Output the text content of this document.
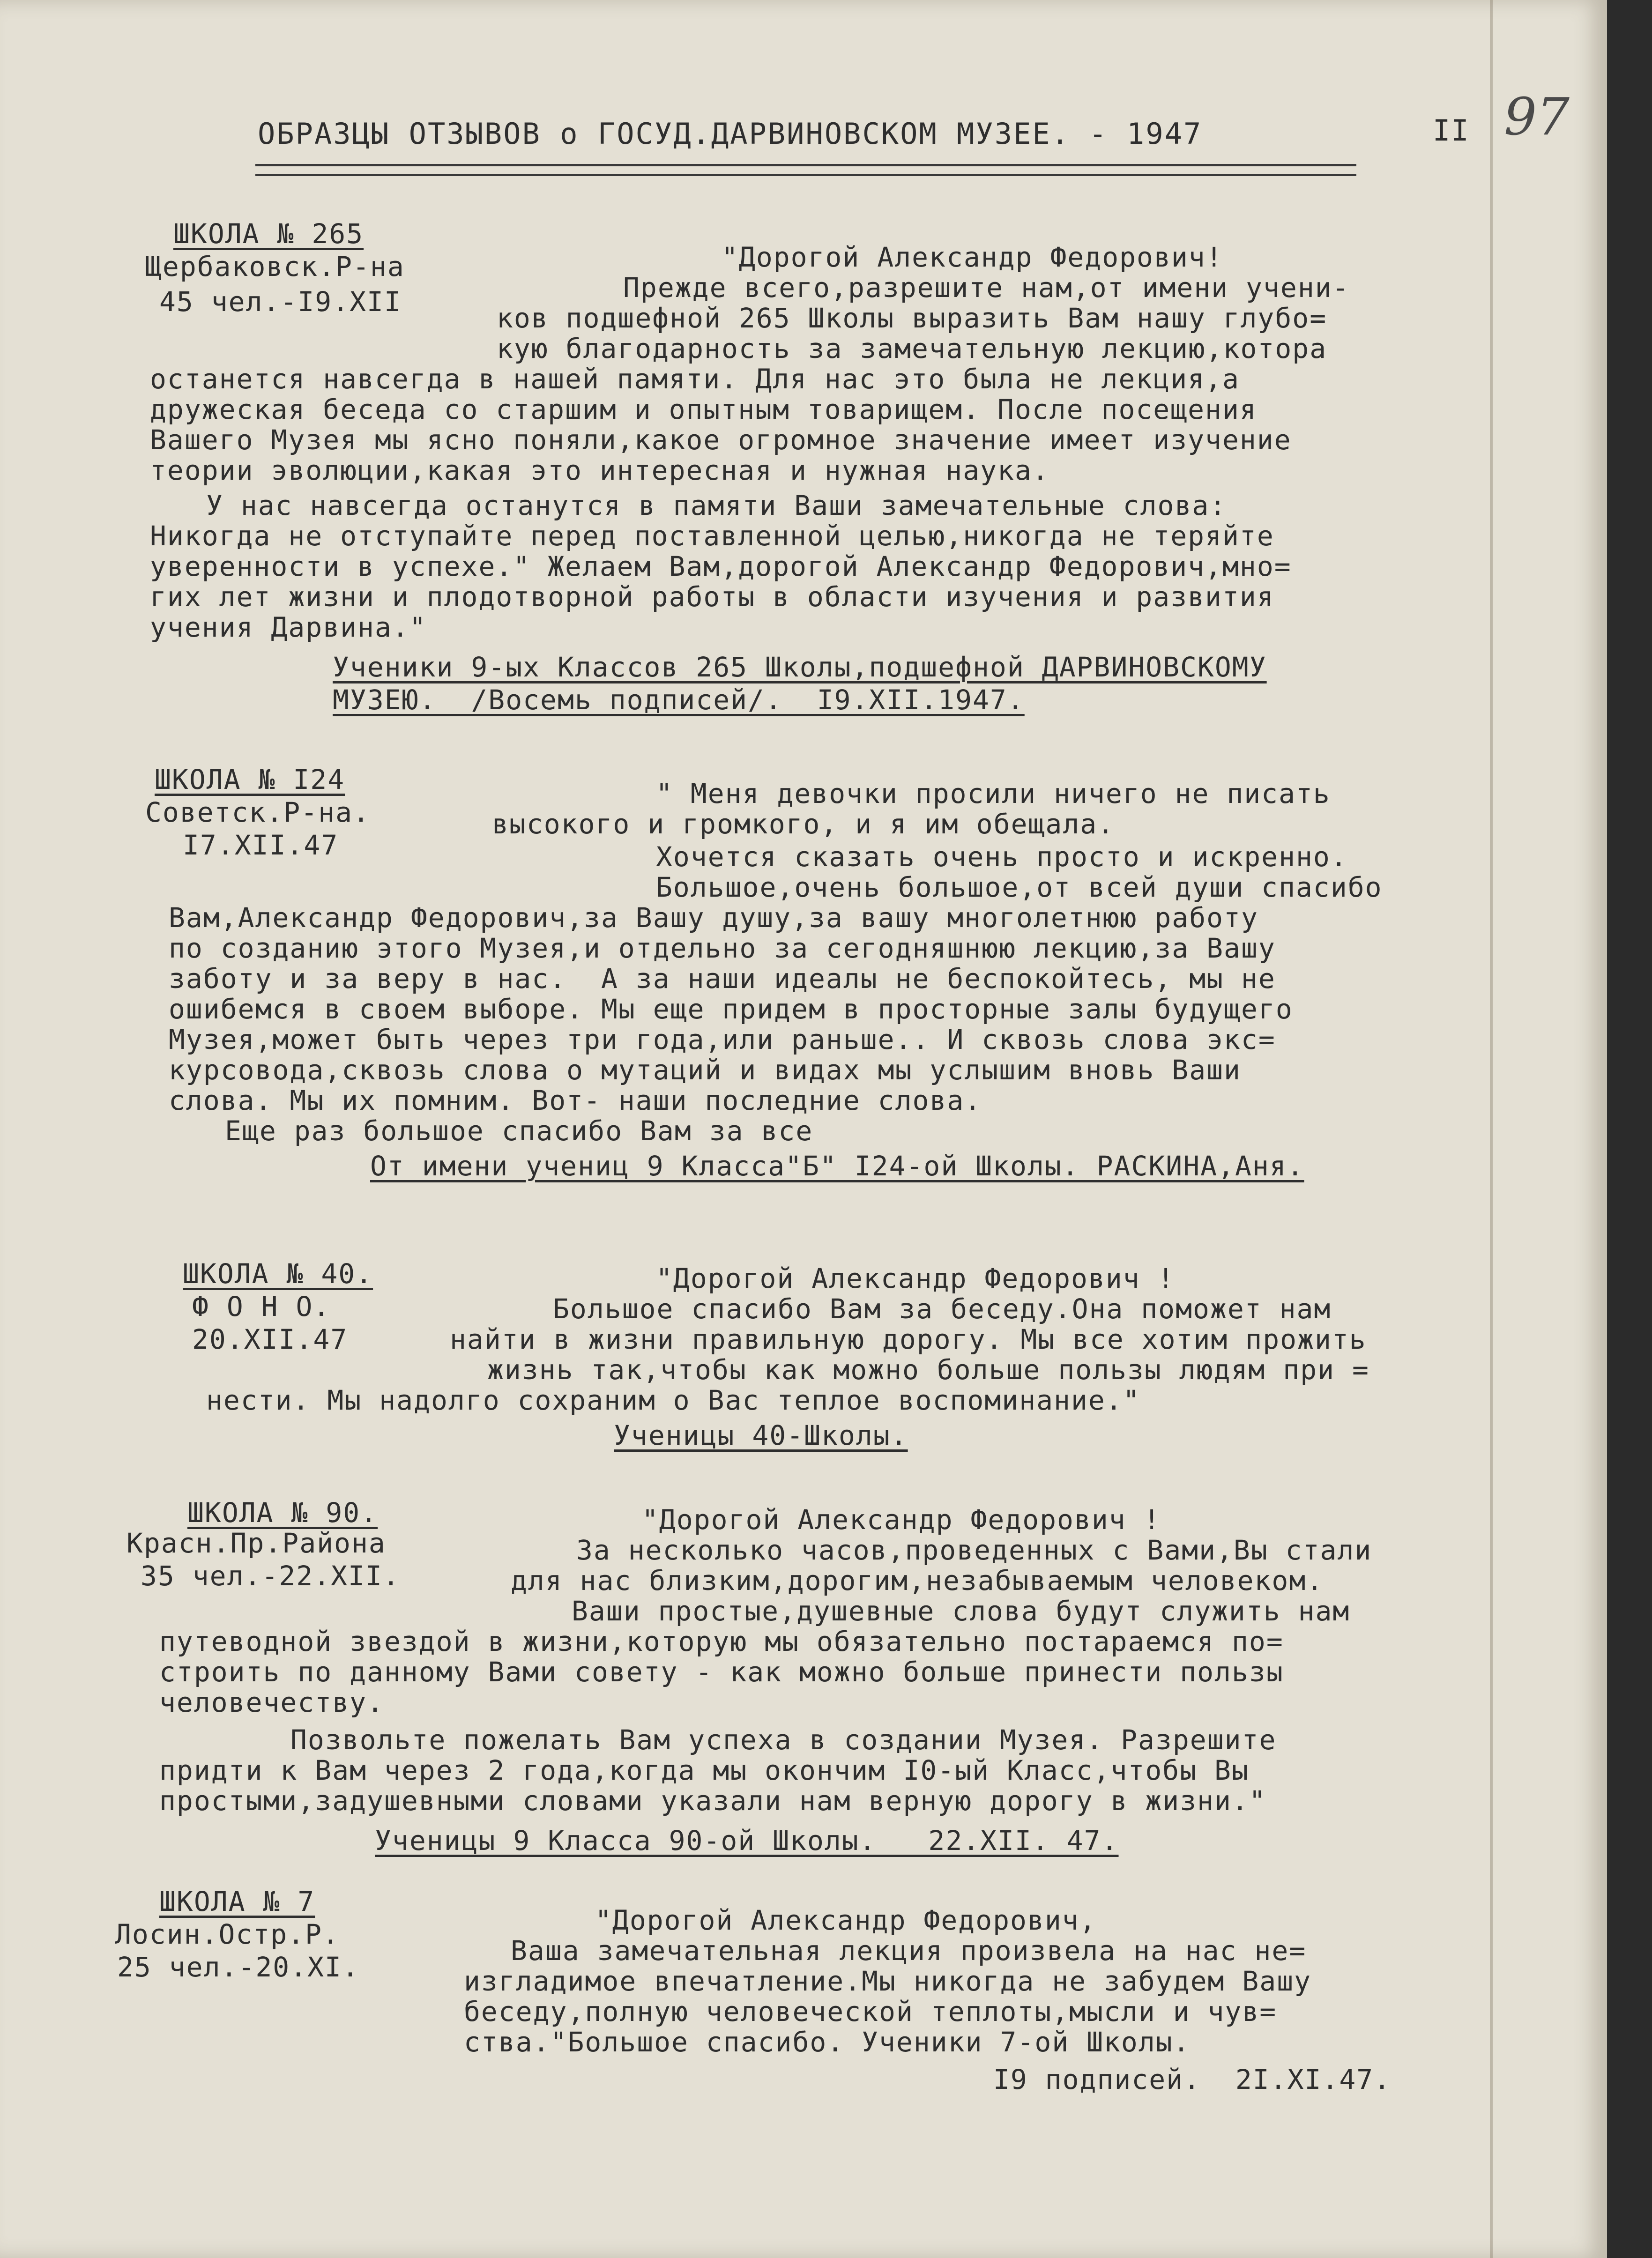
ОБРАЗЦЫ ОТЗЫВОВ о ГОСУД.ДАРВИНОВСКОМ МУЗЕЕ. - 1947	II 97
ШКОЛА № 265
Щербаковск.Р-на
45 чел.-I9.XII
"Дорогой Александр Федорович!
Прежде всего,разрешите нам,от имени учени-
ков подшефной 265 Школы выразить Вам нашу глубо=
кую благодарность за замечательную лекцию,котора
останется навсегда в нашей памяти. Для нас это была не лекция,а
дружеская беседа со старшим и опытным товарищем. После посещения
Вашего Музея мы ясно поняли,какое огромное значение имеет изучение
теории эволюции,какая это интересная и нужная наука.
У нас навсегда останутся в памяти Ваши замечательные слова:
Никогда не отступайте перед поставленной целью,никогда не теряйте
уверенности в успехе." Желаем Вам,дорогой Александр Федорович,мно=
гих лет жизни и плодотворной работы в области изучения и развития
учения Дарвина."
Ученики 9-ых Классов 265 Школы,подшефной ДАРВИНОВСКОМУ
МУЗЕЮ.  /Восемь подписей/.  I9.XII.1947.
ШКОЛА № I24
Советск.Р-на.
I7.XII.47
" Меня девочки просили ничего не писать
высокого и громкого, и я им обещала.
Хочется сказать очень просто и искренно.
Большое,очень большое,от всей души спасибо
Вам,Александр Федорович,за Вашу душу,за вашу многолетнюю работу
по созданию этого Музея,и отдельно за сегодняшнюю лекцию,за Вашу
заботу и за веру в нас.  А за наши идеалы не беспокойтесь, мы не
ошибемся в своем выборе. Мы еще придем в просторные залы будущего
Музея,может быть через три года,или раньше.. И сквозь слова экс=
курсовода,сквозь слова о мутаций и видах мы услышим вновь Ваши
слова. Мы их помним. Вот- наши последние слова.
Еще раз большое спасибо Вам за все
От имени учениц 9 Класса"Б" I24-ой Школы. РАСКИНА,Аня.
ШКОЛА № 40.
Ф О Н О.
20.XII.47
"Дорогой Александр Федорович !
Большое спасибо Вам за беседу.Она поможет нам
найти в жизни правильную дорогу. Мы все хотим прожить
жизнь так,чтобы как можно больше пользы людям при =
нести. Мы надолго сохраним о Вас теплое воспоминание."
Ученицы 40-Школы.
ШКОЛА № 90.
Красн.Пр.Района
35 чел.-22.XII.
"Дорогой Александр Федорович !
За несколько часов,проведенных с Вами,Вы стали
для нас близким,дорогим,незабываемым человеком.
Ваши простые,душевные слова будут служить нам
путеводной звездой в жизни,которую мы обязательно постараемся по=
строить по данному Вами совету - как можно больше принести пользы
человечеству.
Позвольте пожелать Вам успеха в создании Музея. Разрешите
придти к Вам через 2 года,когда мы окончим I0-ый Класс,чтобы Вы
простыми,задушевными словами указали нам верную дорогу в жизни."
Ученицы 9 Класса 90-ой Школы.   22.XII. 47.
ШКОЛА № 7
Лосин.Остр.Р.
25 чел.-20.XI.
"Дорогой Александр Федорович,
Ваша замечательная лекция произвела на нас не=
изгладимое впечатление.Мы никогда не забудем Вашу
беседу,полную человеческой теплоты,мысли и чув=
ства."Большое спасибо. Ученики 7-ой Школы.
I9 подписей.  2I.XI.47.
